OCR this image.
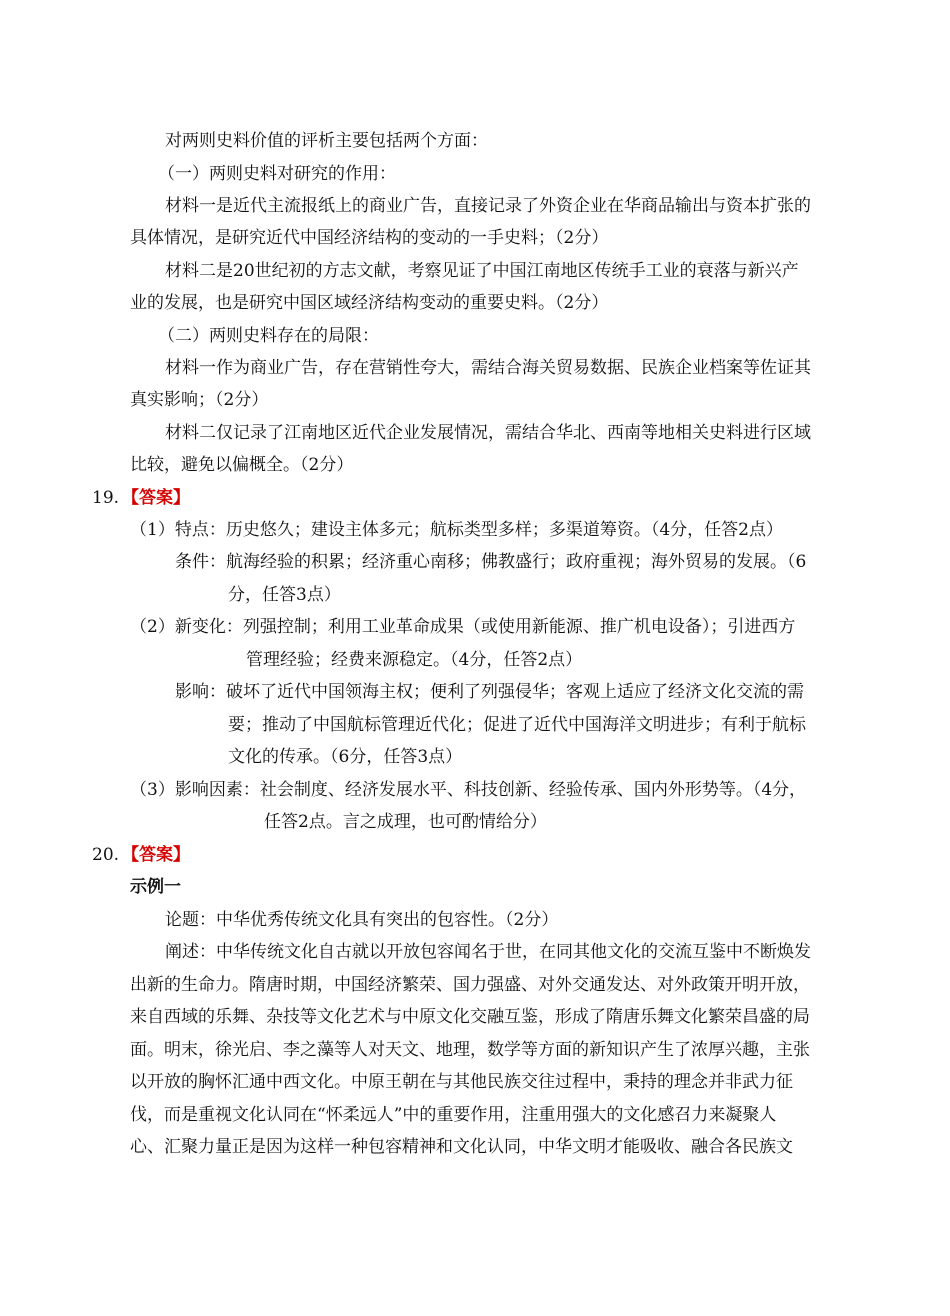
对两则史料价值的评析主要包括两个方面：
（一）两则史料对研究的作用：
材料一是近代主流报纸上的商业广告，直接记录了外资企业在华商品输出与资本扩张的
具体情况，是研究近代中国经济结构的变动的一手史料；（2分）
材料二是20世纪初的方志文献，考察见证了中国江南地区传统手工业的衰落与新兴产
业的发展，也是研究中国区域经济结构变动的重要史料。（2分）
（二）两则史料存在的局限：
材料一作为商业广告，存在营销性夸大，需结合海关贸易数据、民族企业档案等佐证其
真实影响；（2分）
材料二仅记录了江南地区近代企业发展情况，需结合华北、西南等地相关史料进行区域
比较，避免以偏概全。（2分）
19. 【答案】
（1）特点：历史悠久；建设主体多元；航标类型多样；多渠道筹资。（4分，任答2点）
条件：航海经验的积累；经济重心南移；佛教盛行；政府重视；海外贸易的发展。（6
分，任答3点）
（2）新变化：列强控制；利用工业革命成果（或使用新能源、推广机电设备）；引进西方
管理经验；经费来源稳定。（4分，任答2点）
影响：破坏了近代中国领海主权；便利了列强侵华；客观上适应了经济文化交流的需
要；推动了中国航标管理近代化；促进了近代中国海洋文明进步；有利于航标
文化的传承。（6分，任答3点）
（3）影响因素：社会制度、经济发展水平、科技创新、经验传承、国内外形势等。（4分，
任答2点。言之成理，也可酌情给分）
20. 【答案】
示例一
论题：中华优秀传统文化具有突出的包容性。（2分）
阐述：中华传统文化自古就以开放包容闻名于世，在同其他文化的交流互鉴中不断焕发
出新的生命力。隋唐时期，中国经济繁荣、国力强盛、对外交通发达、对外政策开明开放，
来自西域的乐舞、杂技等文化艺术与中原文化交融互鉴，形成了隋唐乐舞文化繁荣昌盛的局
面。明末，徐光启、李之藻等人对天文、地理，数学等方面的新知识产生了浓厚兴趣，主张
以开放的胸怀汇通中西文化。中原王朝在与其他民族交往过程中，秉持的理念并非武力征
伐，而是重视文化认同在“怀柔远人”中的重要作用，注重用强大的文化感召力来凝聚人
心、汇聚力量正是因为这样一种包容精神和文化认同，中华文明才能吸收、融合各民族文
